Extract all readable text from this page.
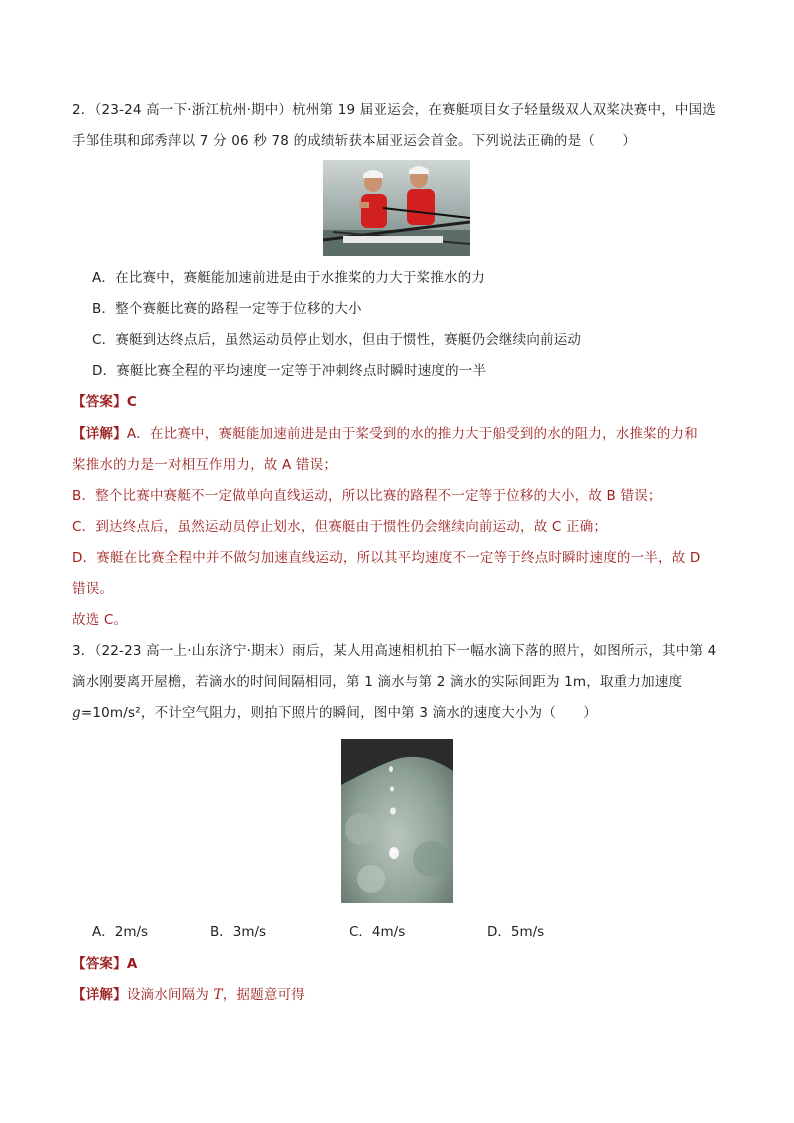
2．（23-24 高一下·浙江杭州·期中）杭州第 19 届亚运会，在赛艇项目女子轻量级双人双桨决赛中，中国选
手邹佳琪和邱秀萍以 7 分 06 秒 78 的成绩斩获本届亚运会首金。下列说法正确的是（　　）
A．在比赛中，赛艇能加速前进是由于水推桨的力大于桨推水的力
B．整个赛艇比赛的路程一定等于位移的大小
C．赛艇到达终点后，虽然运动员停止划水，但由于惯性，赛艇仍会继续向前运动
D．赛艇比赛全程的平均速度一定等于冲刺终点时瞬时速度的一半
【答案】C
【详解】A．在比赛中，赛艇能加速前进是由于桨受到的水的推力大于船受到的水的阻力，水推桨的力和
桨推水的力是一对相互作用力，故 A 错误；
B．整个比赛中赛艇不一定做单向直线运动，所以比赛的路程不一定等于位移的大小，故 B 错误；
C．到达终点后，虽然运动员停止划水，但赛艇由于惯性仍会继续向前运动，故 C 正确；
D．赛艇在比赛全程中并不做匀加速直线运动，所以其平均速度不一定等于终点时瞬时速度的一半，故 D
错误。
故选 C。
3．（22-23 高一上·山东济宁·期末）雨后，某人用高速相机拍下一幅水滴下落的照片，如图所示，其中第 4
滴水刚要离开屋檐，若滴水的时间间隔相同，第 1 滴水与第 2 滴水的实际间距为 1m，取重力加速度
g=10m/s²，不计空气阻力，则拍下照片的瞬间，图中第 3 滴水的速度大小为（　　）
A．2m/s	B．3m/s	C．4m/s	D．5m/s
【答案】A
【详解】设滴水间隔为 T，据题意可得
